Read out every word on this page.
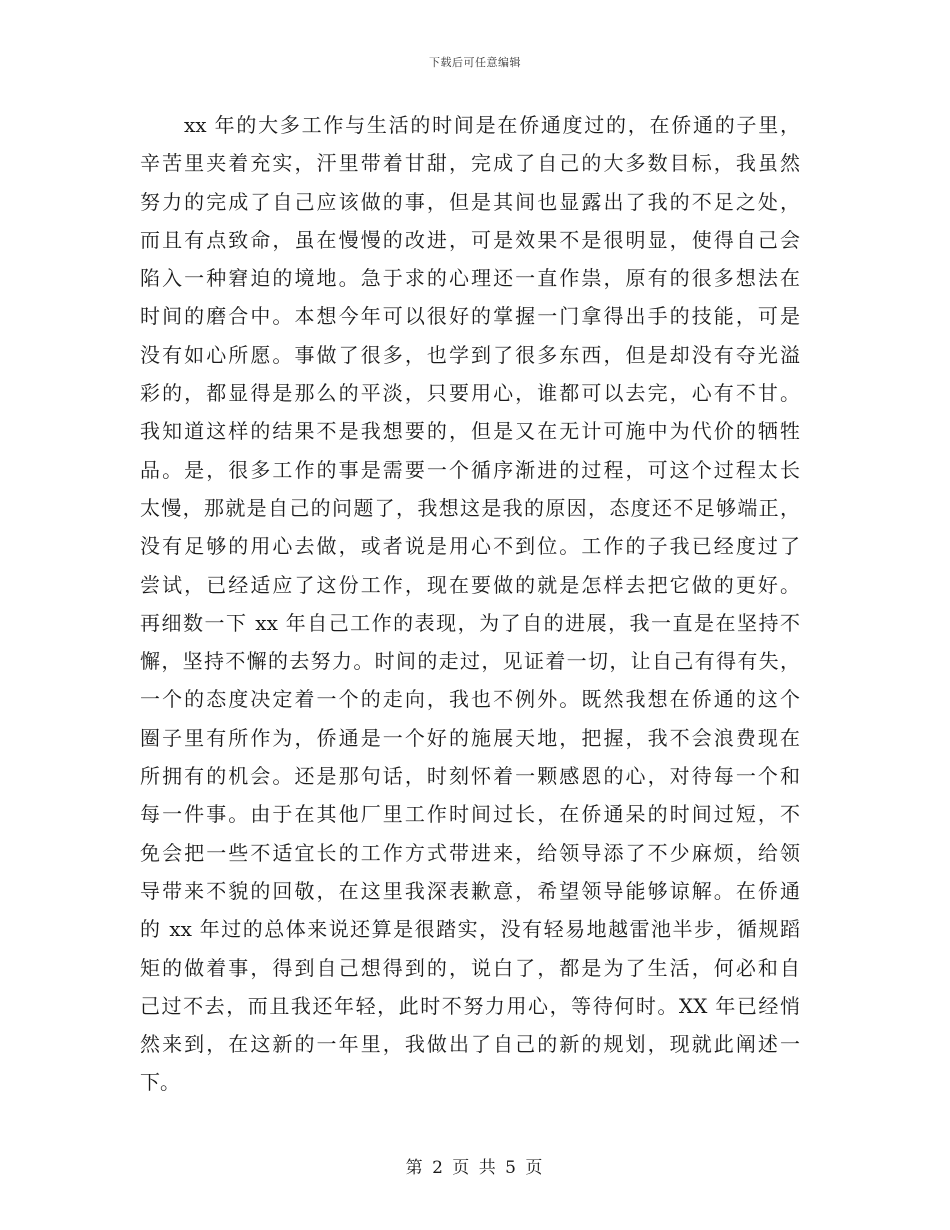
下载后可任意编辑
xx 年的大多工作与生活的时间是在侨通度过的，在侨通的子里，
辛苦里夹着充实，汗里带着甘甜，完成了自己的大多数目标，我虽然
努力的完成了自己应该做的事，但是其间也显露出了我的不足之处，
而且有点致命，虽在慢慢的改进，可是效果不是很明显，使得自己会
陷入一种窘迫的境地。急于求的心理还一直作祟，原有的很多想法在
时间的磨合中。本想今年可以很好的掌握一门拿得出手的技能，可是
没有如心所愿。事做了很多，也学到了很多东西，但是却没有夺光溢
彩的，都显得是那么的平淡，只要用心，谁都可以去完，心有不甘。
我知道这样的结果不是我想要的，但是又在无计可施中为代价的牺牲
品。是，很多工作的事是需要一个循序渐进的过程，可这个过程太长
太慢，那就是自己的问题了，我想这是我的原因，态度还不足够端正，
没有足够的用心去做，或者说是用心不到位。工作的子我已经度过了
尝试，已经适应了这份工作，现在要做的就是怎样去把它做的更好。
再细数一下 xx 年自己工作的表现，为了自的进展，我一直是在坚持不
懈，坚持不懈的去努力。时间的走过，见证着一切，让自己有得有失，
一个的态度决定着一个的走向，我也不例外。既然我想在侨通的这个
圈子里有所作为，侨通是一个好的施展天地，把握，我不会浪费现在
所拥有的机会。还是那句话，时刻怀着一颗感恩的心，对待每一个和
每一件事。由于在其他厂里工作时间过长，在侨通呆的时间过短，不
免会把一些不适宜长的工作方式带进来，给领导添了不少麻烦，给领
导带来不貌的回敬，在这里我深表歉意，希望领导能够谅解。在侨通
的 xx 年过的总体来说还算是很踏实，没有轻易地越雷池半步，循规蹈
矩的做着事，得到自己想得到的，说白了，都是为了生活，何必和自
己过不去，而且我还年轻，此时不努力用心，等待何时。XX 年已经悄
然来到，在这新的一年里，我做出了自己的新的规划，现就此阐述一
下。
第 2 页 共 5 页
